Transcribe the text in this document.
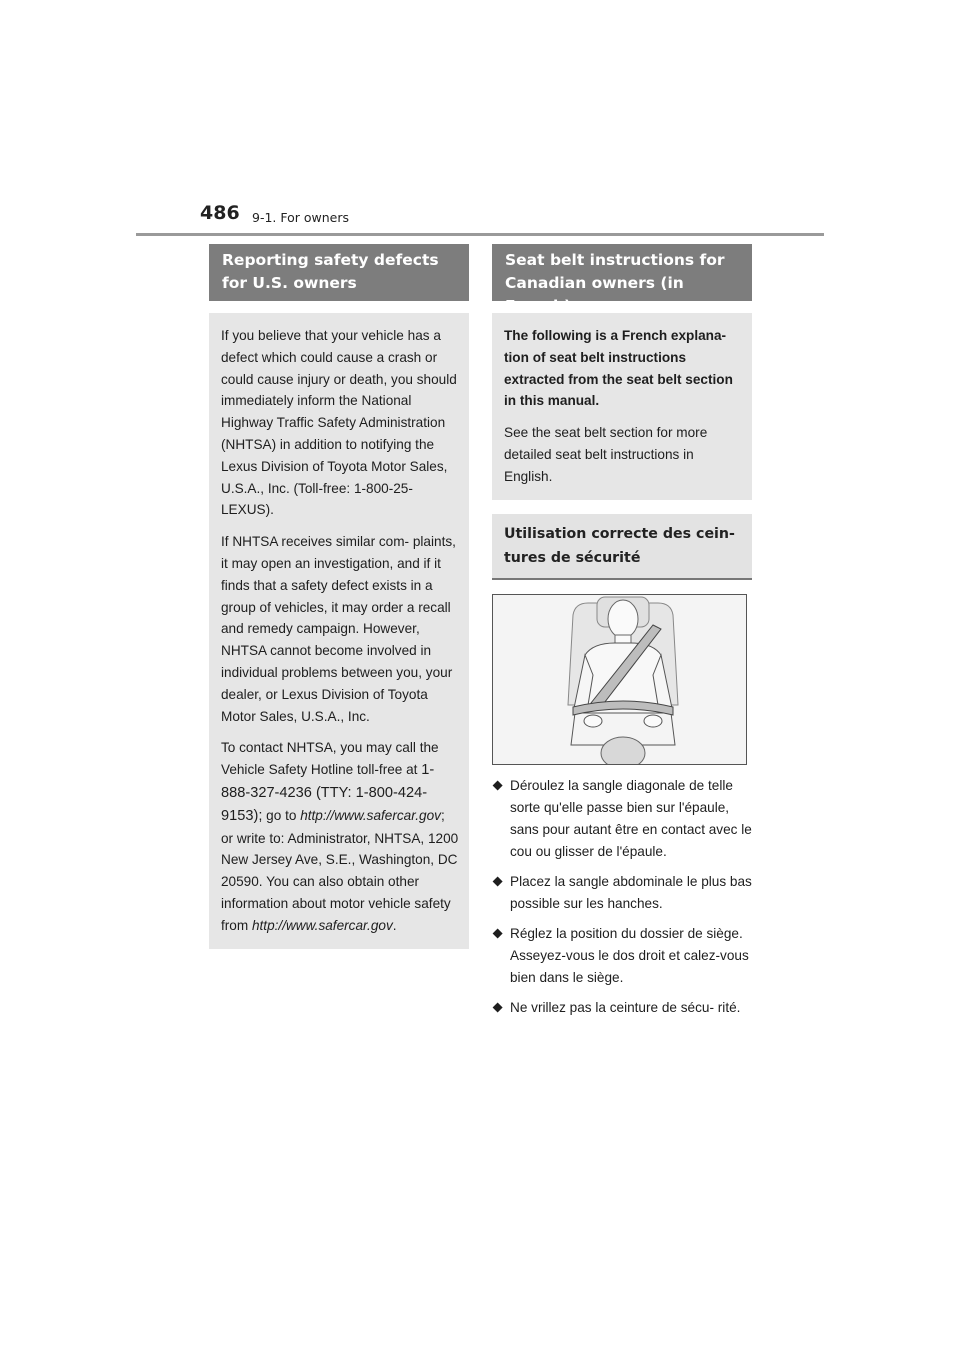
486 9-1. For owners
Reporting safety defects for U.S. owners

If you believe that your vehicle has a defect which could cause a crash or could cause injury or death, you should immediately inform the National Highway Traffic Safety Administration (NHTSA) in addition to notifying the Lexus Division of Toyota Motor Sales, U.S.A., Inc. (Toll-free: 1-800-25-LEXUS).

If NHTSA receives similar com- plaints, it may open an investigation, and if it finds that a safety defect exists in a group of vehicles, it may order a recall and remedy campaign. However, NHTSA cannot become involved in individual problems between you, your dealer, or Lexus Division of Toyota Motor Sales, U.S.A., Inc.

To contact NHTSA, you may call the Vehicle Safety Hotline toll-free at 1-888-327-4236 (TTY: 1-800-424-9153); go to http://www.safercar.gov; or write to: Administrator, NHTSA, 1200 New Jersey Ave, S.E., Washington, DC 20590. You can also obtain other information about motor vehicle safety from http://www.safercar.gov.

Seat belt instructions for Canadian owners (in French)

The following is a French explana- tion of seat belt instructions extracted from the seat belt section in this manual.

See the seat belt section for more detailed seat belt instructions in English.

Utilisation correcte des cein- tures de sécurité
⯁ Déroulez la sangle diagonale de telle sorte qu'elle passe bien sur l'épaule, sans pour autant être en contact avec le cou ou glisser de l'épaule.
⯁ Placez la sangle abdominale le plus bas possible sur les hanches.
⯁ Réglez la position du dossier de siège. Asseyez-vous le dos droit et calez-vous bien dans le siège.
⯁ Ne vrillez pas la ceinture de sécu- rité.
